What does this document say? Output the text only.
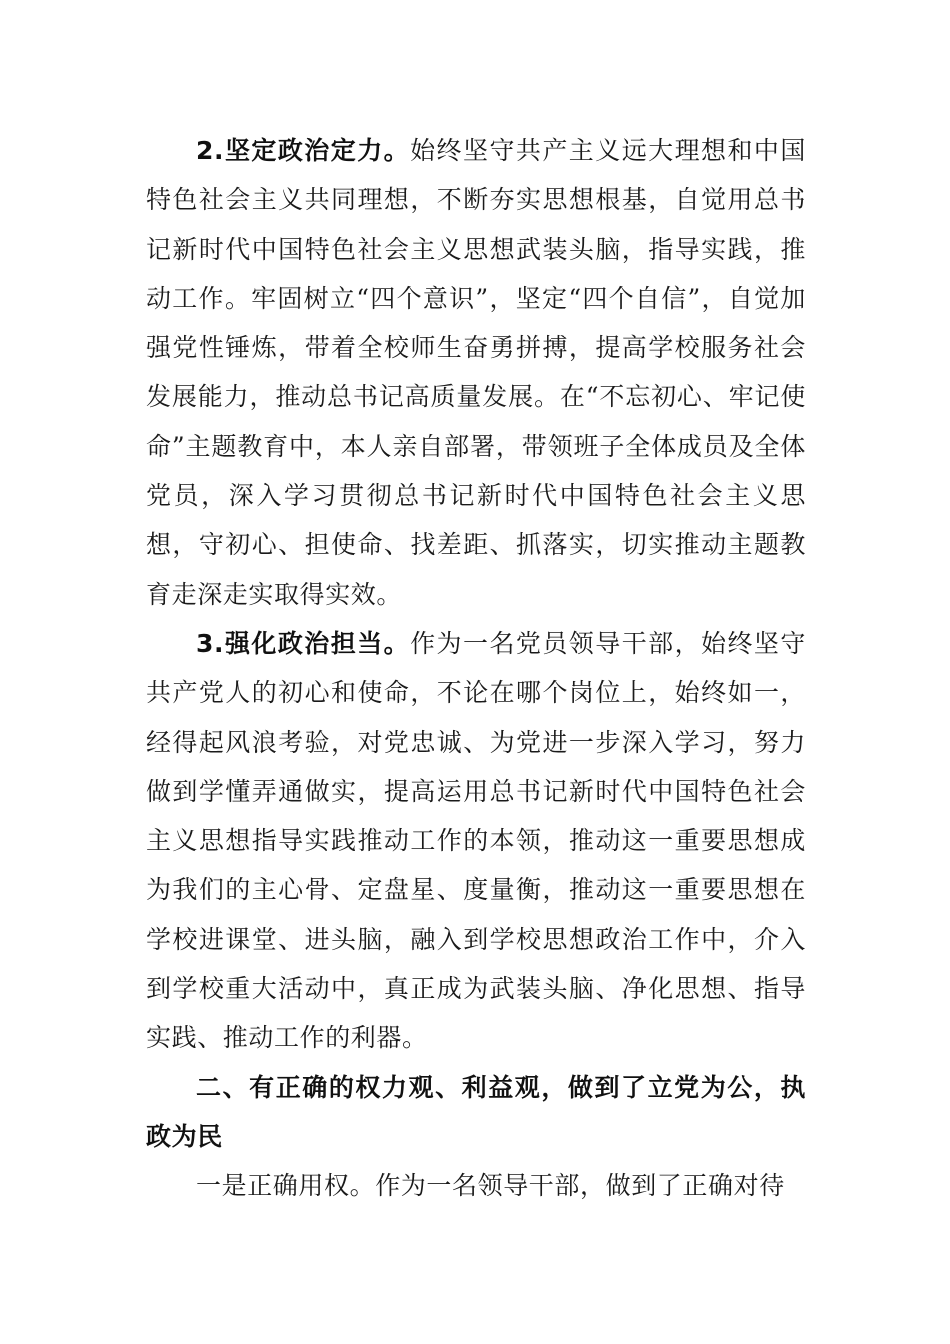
2.坚定政治定力。始终坚守共产主义远大理想和中国特色社会主义共同理想，不断夯实思想根基，自觉用总书记新时代中国特色社会主义思想武装头脑，指导实践，推动工作。牢固树立“四个意识”，坚定“四个自信”，自觉加强党性锤炼，带着全校师生奋勇拼搏，提高学校服务社会发展能力，推动总书记高质量发展。在“不忘初心、牢记使命”主题教育中，本人亲自部署，带领班子全体成员及全体党员，深入学习贯彻总书记新时代中国特色社会主义思想，守初心、担使命、找差距、抓落实，切实推动主题教育走深走实取得实效。

3.强化政治担当。作为一名党员领导干部，始终坚守共产党人的初心和使命，不论在哪个岗位上，始终如一，经得起风浪考验，对党忠诚、为党进一步深入学习，努力做到学懂弄通做实，提高运用总书记新时代中国特色社会主义思想指导实践推动工作的本领，推动这一重要思想成为我们的主心骨、定盘星、度量衡，推动这一重要思想在学校进课堂、进头脑，融入到学校思想政治工作中，介入到学校重大活动中，真正成为武装头脑、净化思想、指导实践、推动工作的利器。

二、有正确的权力观、利益观，做到了立党为公，执政为民

一是正确用权。作为一名领导干部，做到了正确对待
